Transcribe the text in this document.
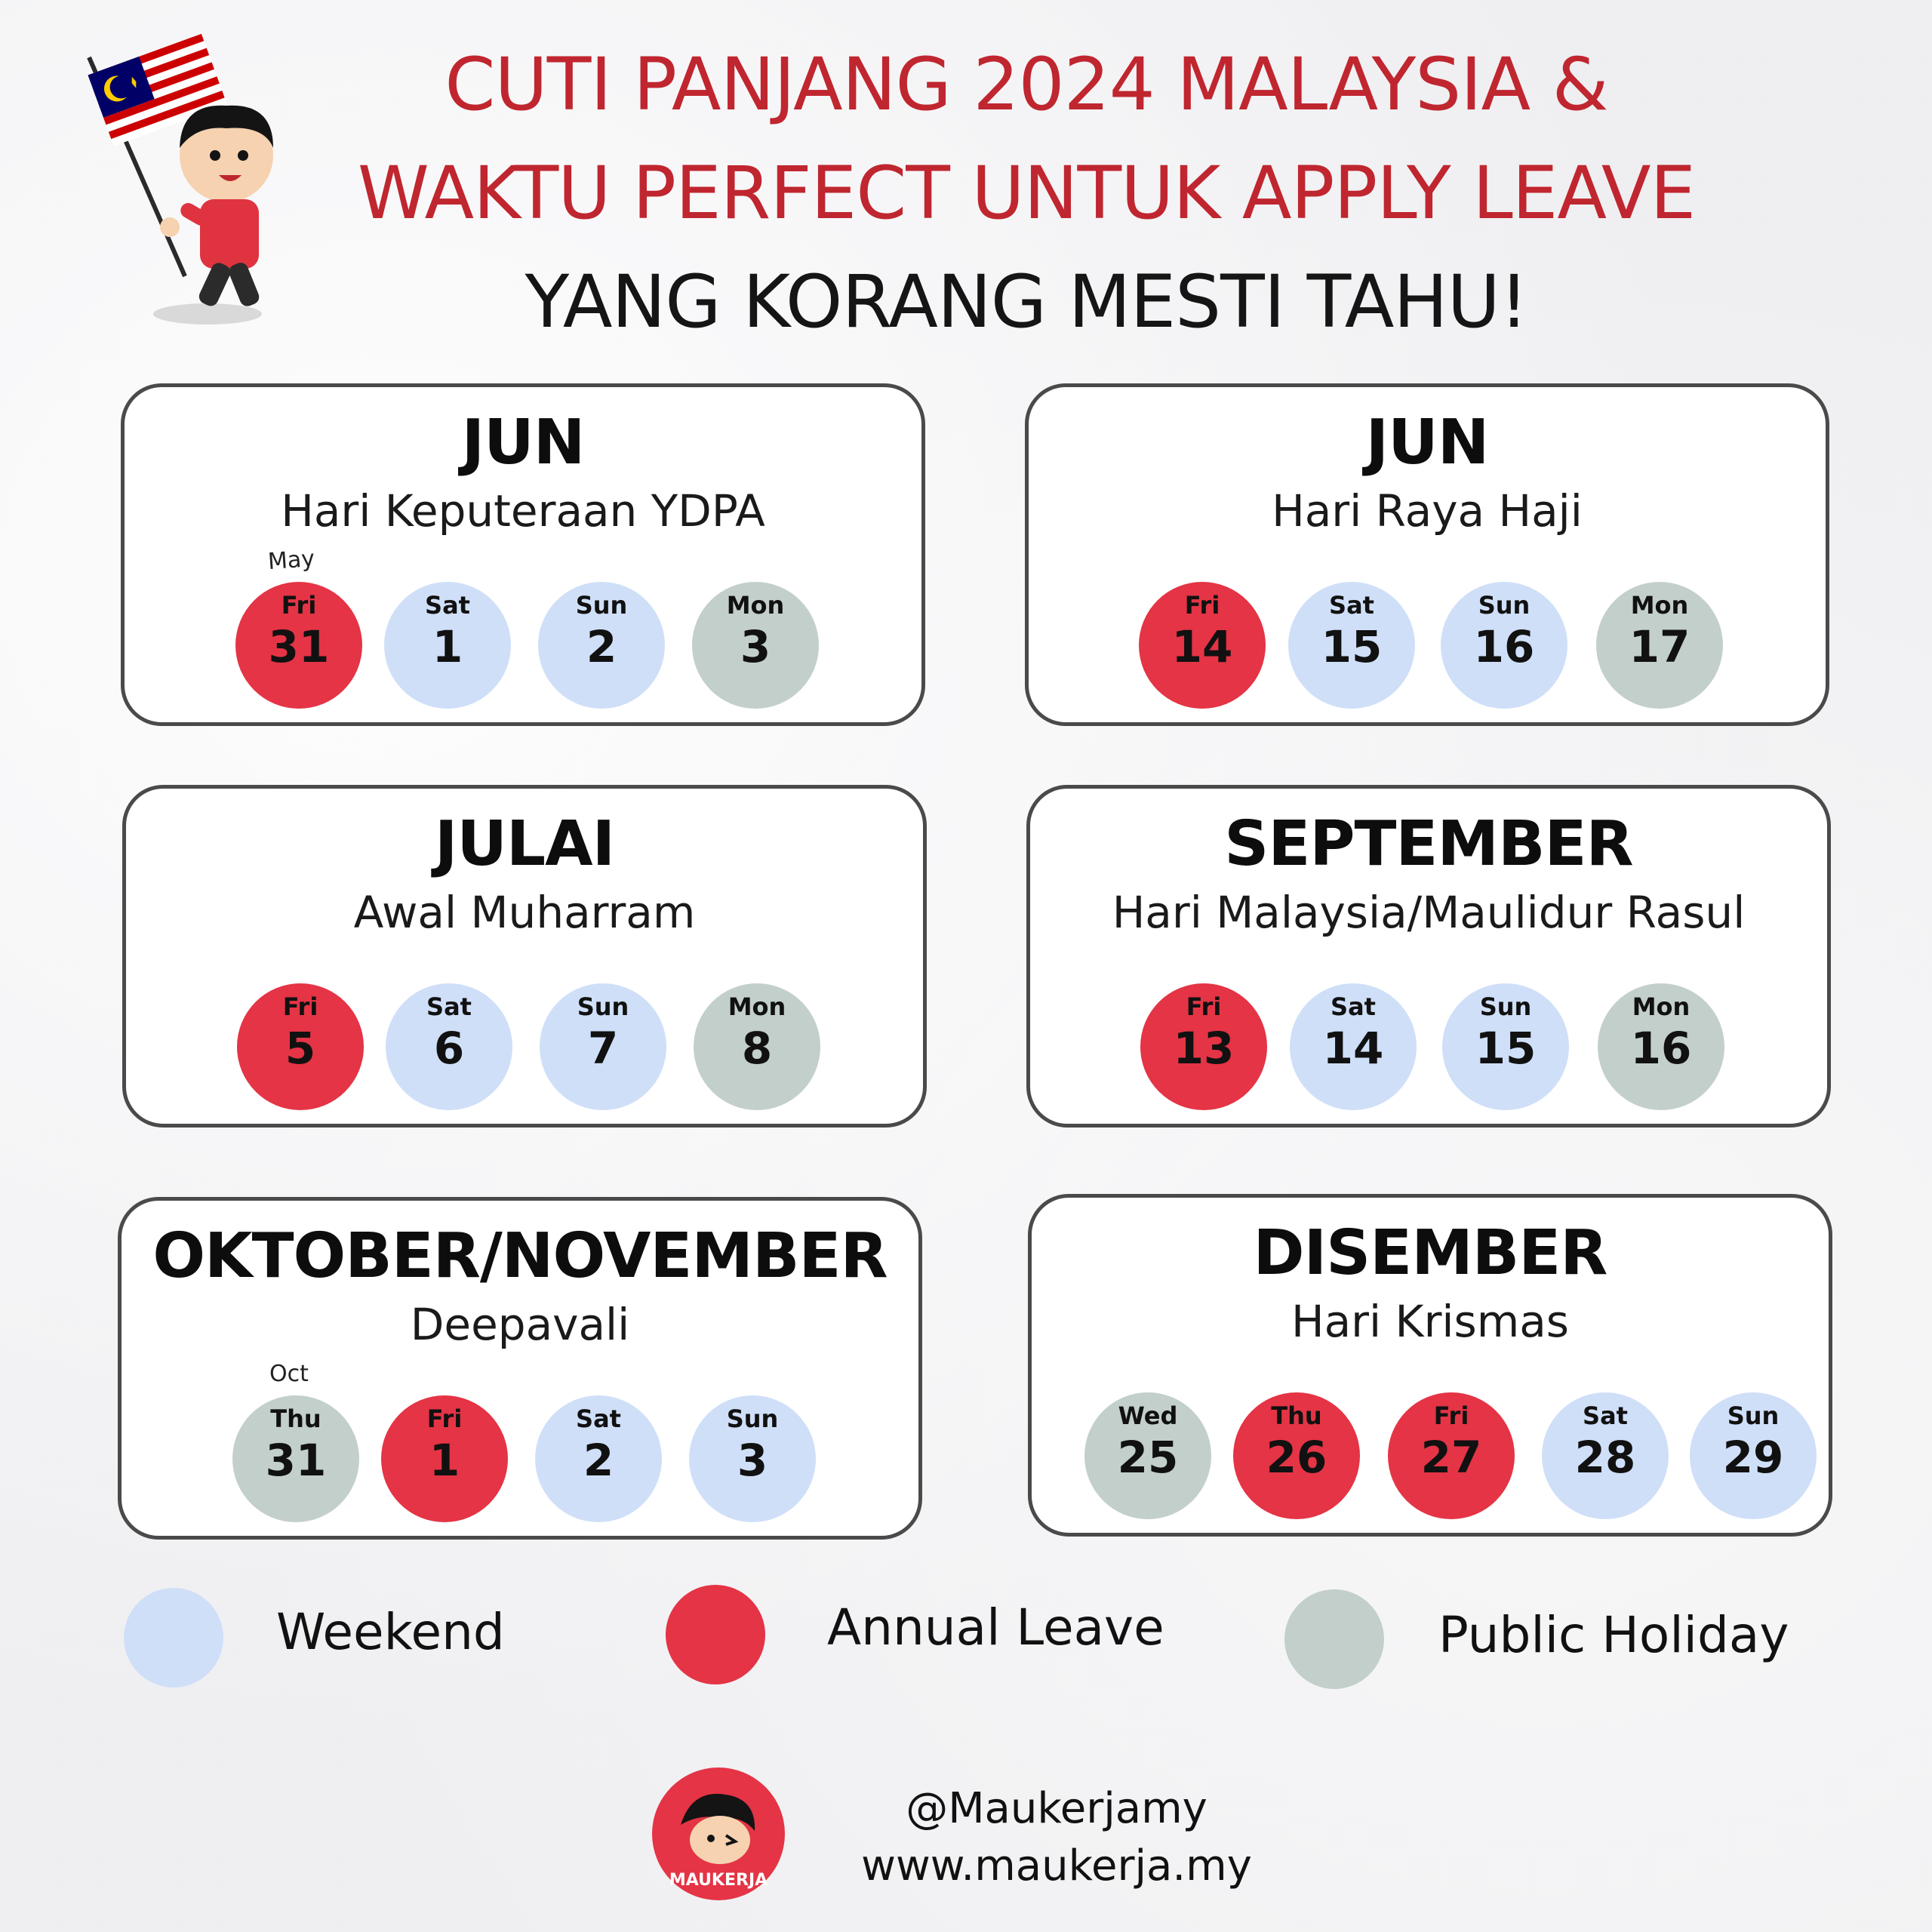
CUTI PANJANG 2024 MALAYSIA &
WAKTU PERFECT UNTUK APPLY LEAVE
YANG KORANG MESTI TAHU!
JUN
Hari Keputeraan YDPA
May
Fri
31
Sat
1
Sun
2
Mon
3
JUN
Hari Raya Haji
Fri
14
Sat
15
Sun
16
Mon
17
JULAI
Awal Muharram
Fri
5
Sat
6
Sun
7
Mon
8
SEPTEMBER
Hari Malaysia/Maulidur Rasul
Fri
13
Sat
14
Sun
15
Mon
16
OKTOBER/NOVEMBER
Deepavali
Oct
Thu
31
Fri
1
Sat
2
Sun
3
DISEMBER
Hari Krismas
Wed
25
Thu
26
Fri
27
Sat
28
Sun
29
Weekend	Annual Leave	Public Holiday
MAUKERJA
@Maukerjamy
www.maukerja.my
